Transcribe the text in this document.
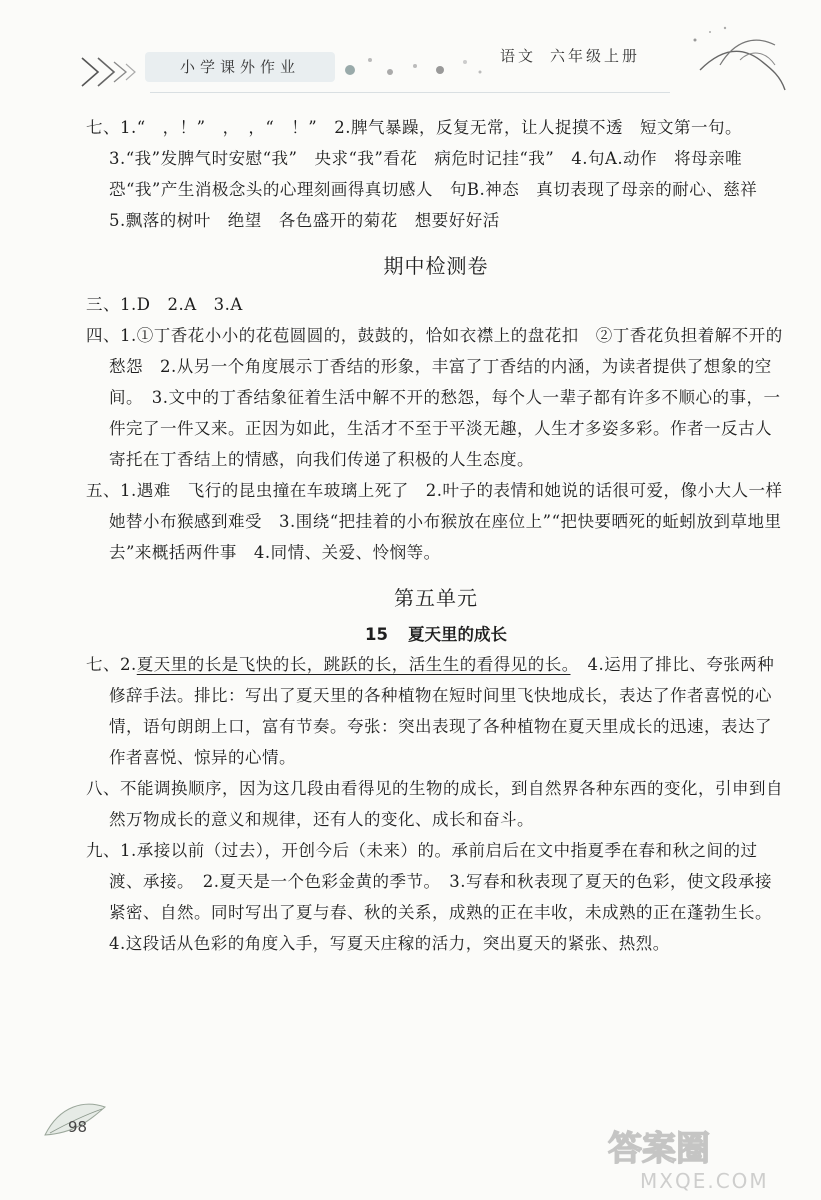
小学课外作业
语文 六年级上册

七、1.“　，！”　，　，“　！”　2.脾气暴躁，反复无常，让人捉摸不透　短文第一句。　3.“我”发脾气时安慰“我”　央求“我”看花　病危时记挂“我”　4.句A.动作　将母亲唯恐“我”产生消极念头的心理刻画得真切感人　句B.神态　真切表现了母亲的耐心、慈祥　5.飘落的树叶　绝望　各色盛开的菊花　想要好好活

期中检测卷

三、1.D　2.A　3.A

四、1.①丁香花小小的花苞圆圆的，鼓鼓的，恰如衣襟上的盘花扣　②丁香花负担着解不开的愁怨　2.从另一个角度展示丁香结的形象，丰富了丁香结的内涵，为读者提供了想象的空间。　3.文中的丁香结象征着生活中解不开的愁怨，每个人一辈子都有许多不顺心的事，一件完了一件又来。正因为如此，生活才不至于平淡无趣，人生才多姿多彩。作者一反古人寄托在丁香结上的情感，向我们传递了积极的人生态度。

五、1.遇难　飞行的昆虫撞在车玻璃上死了　2.叶子的表情和她说的话很可爱，像小大人一样　她替小布猴感到难受　3.围绕“把挂着的小布猴放在座位上”“把快要晒死的蚯蚓放到草地里去”来概括两件事　4.同情、关爱、怜悯等。

第五单元
15 夏天里的成长

七、2.夏天里的长是飞快的长，跳跃的长，活生生的看得见的长。　4.运用了排比、夸张两种修辞手法。排比：写出了夏天里的各种植物在短时间里飞快地成长，表达了作者喜悦的心情，语句朗朗上口，富有节奏。夸张：突出表现了各种植物在夏天里成长的迅速，表达了作者喜悦、惊异的心情。

八、不能调换顺序，因为这几段由看得见的生物的成长，到自然界各种东西的变化，引申到自然万物成长的意义和规律，还有人的变化、成长和奋斗。

九、1.承接以前（过去），开创今后（未来）的。承前启后在文中指夏季在春和秋之间的过渡、承接。　2.夏天是一个色彩金黄的季节。　3.写春和秋表现了夏天的色彩，使文段承接紧密、自然。同时写出了夏与春、秋的关系，成熟的正在丰收，未成熟的正在蓬勃生长。　4.这段话从色彩的角度入手，写夏天庄稼的活力，突出夏天的紧张、热烈。

98
答案圈
MXQE.COM
